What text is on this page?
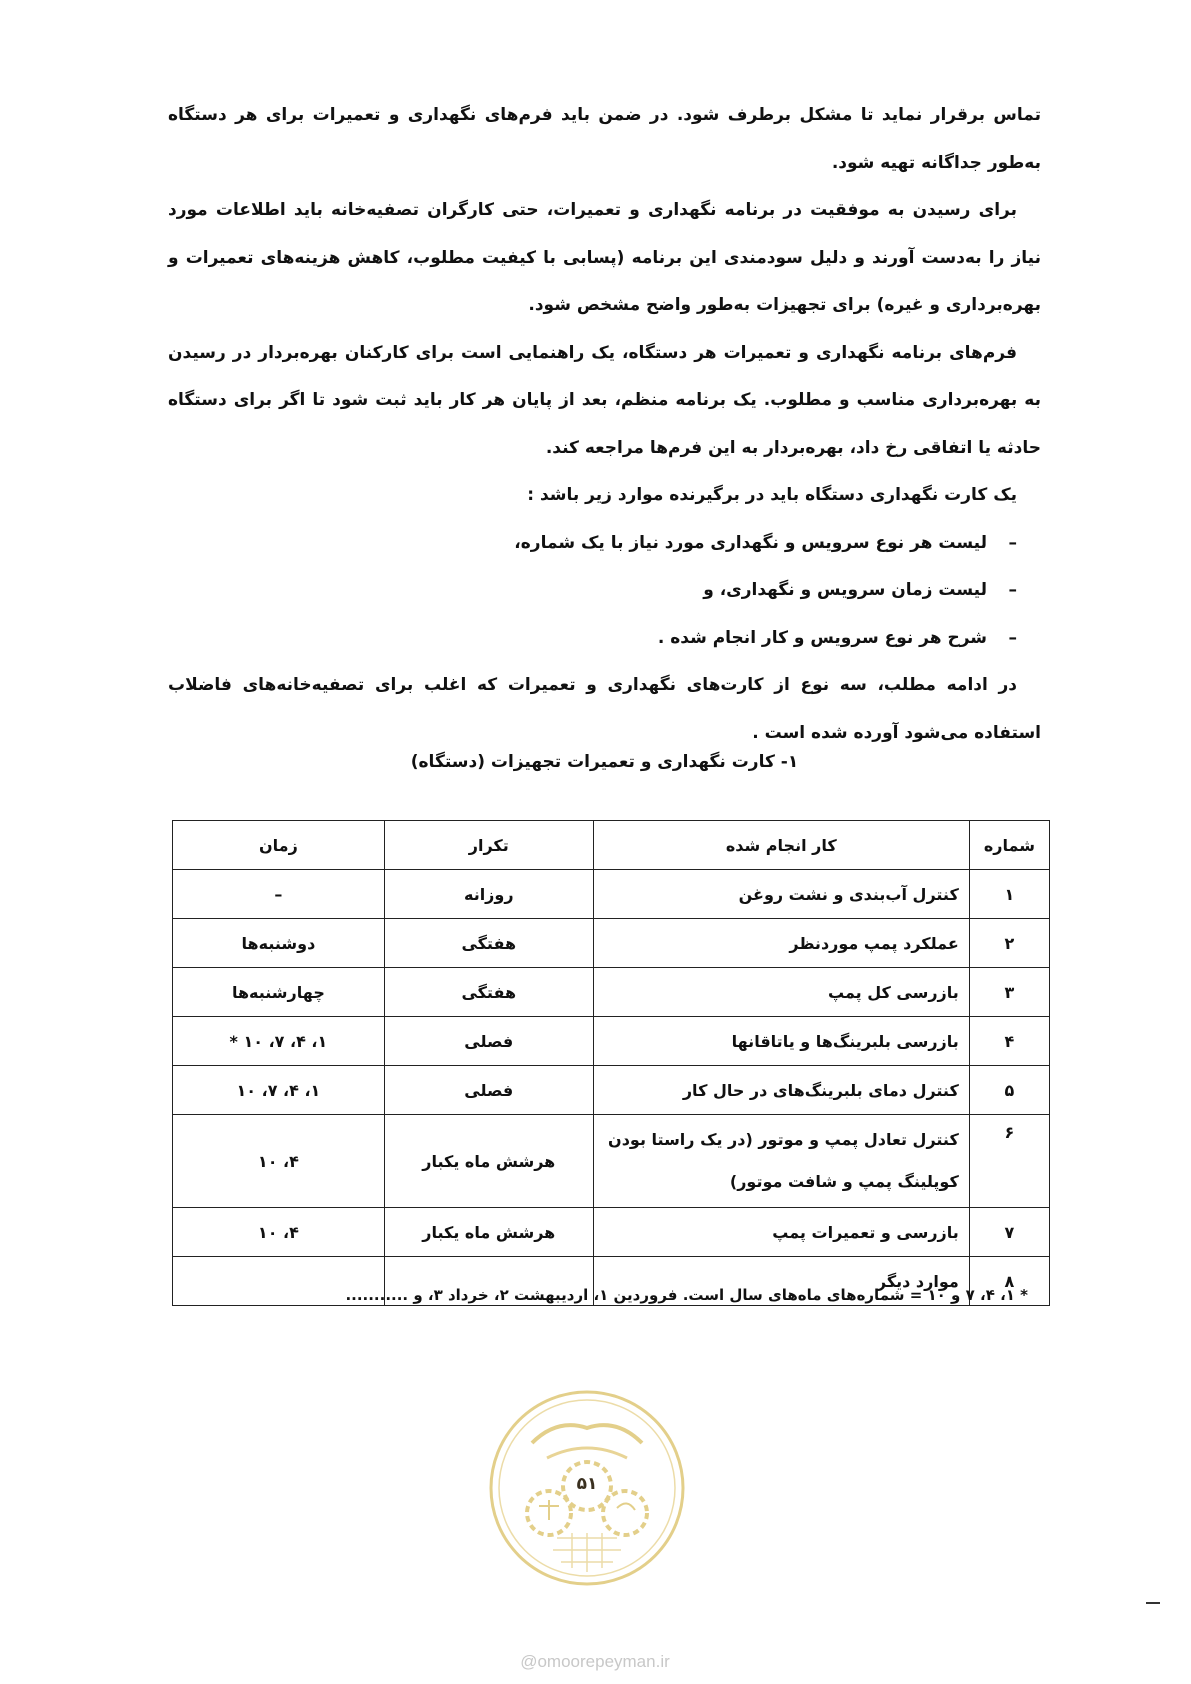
تماس برقرار نماید تا مشکل برطرف شود. در ضمن باید فرم‌های نگهداری و تعمیرات برای هر دستگاه به‌طور جداگانه تهیه شود.

برای رسیدن به موفقیت در برنامه نگهداری و تعمیرات، حتی کارگران تصفیه‌خانه باید اطلاعات مورد نیاز را به‌دست آورند و دلیل سودمندی این برنامه (پسابی با کیفیت مطلوب، کاهش هزینه‌های تعمیرات و بهره‌برداری و غیره) برای تجهیزات به‌طور واضح مشخص شود.

فرم‌های برنامه نگهداری و تعمیرات هر دستگاه، یک راهنمایی است برای کارکنان بهره‌بردار در رسیدن به بهره‌برداری مناسب و مطلوب. یک برنامه منظم، بعد از پایان هر کار باید ثبت شود تا اگر برای دستگاه حادثه یا اتفاقی رخ داد، بهره‌بردار به این فرم‌ها مراجعه کند.

یک کارت نگهداری دستگاه باید در برگیرنده موارد زیر باشد :

–لیست هر نوع سرویس و نگهداری مورد نیاز با یک شماره،
–لیست زمان سرویس و نگهداری، و
–شرح هر نوع سرویس و کار انجام شده .

در ادامه مطلب، سه نوع از کارت‌های نگهداری و تعمیرات که اغلب برای تصفیه‌خانه‌های فاضلاب استفاده می‌شود آورده شده است .

۱- کارت نگهداری و تعمیرات تجهیزات (دستگاه)
شماره	کار انجام شده	تکرار	زمان
۱	کنترل آب‌بندی و نشت روغن	روزانه	–
۲	عملکرد پمپ موردنظر	هفتگی	دوشنبه‌ها
۳	بازرسی کل پمپ	هفتگی	چهارشنبه‌ها
۴	بازرسی بلبرینگ‌ها و یاتاقانها	فصلی	۱، ۴، ۷، ۱۰ *
۵	کنترل دمای بلبرینگ‌های در حال کار	فصلی	۱، ۴، ۷، ۱۰
۶	کنترل تعادل پمپ و موتور (در یک راستا بودن کوپلینگ پمپ و شافت موتور)	هرشش ماه یکبار	۴، ۱۰
۷	بازرسی و تعمیرات پمپ	هرشش ماه یکبار	۴، ۱۰
۸	موارد دیگر		
* ۱، ۴، ۷ و ۱۰ = شماره‌های ماه‌های سال است. فروردین ۱، اردیبهشت ۲، خرداد ۳، و ...........
۵۱
@omoorepeyman.ir
